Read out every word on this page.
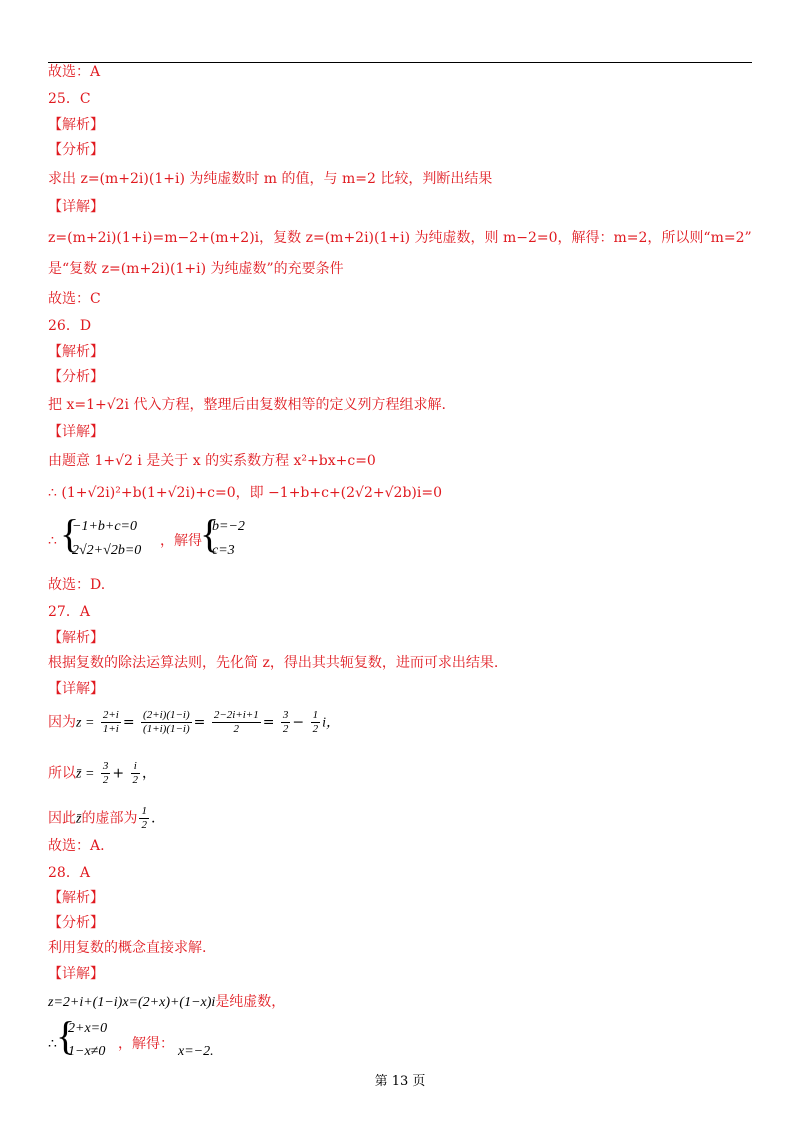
故选：A
25．C
【解析】
【分析】
求出 z=(m+2i)(1+i) 为纯虚数时 m 的值，与 m=2 比较，判断出结果
【详解】
z=(m+2i)(1+i)=m−2+(m+2)i，复数 z=(m+2i)(1+i) 为纯虚数，则 m−2=0，解得：m=2，所以则“m=2”
是“复数 z=(m+2i)(1+i) 为纯虚数”的充要条件
故选：C
26．D
【解析】
【分析】
把 x=1+√2i 代入方程，整理后由复数相等的定义列方程组求解.
【详解】
由题意 1+√2 i 是关于 x 的实系数方程 x²+bx+c=0
∴ (1+√2i)²+b(1+√2i)+c=0，即 −1+b+c+(2√2+√2b)i=0
∴ {
−1+b+c=0
2√2+√2b=0
，解得
{
b=−2
c=3
故选：D.
27．A
【解析】
根据复数的除法运算法则，先化简 z，得出其共轭复数，进而可求出结果.
【详解】
因为$z = \frac{2+i}{1+i} = \frac{(2+i)(1-i)}{(1+i)(1-i)} = \frac{2-2i+i+1}{2} = \frac{3}{2} - \frac{1}{2}$ i，
所以z̄ = $\frac{3}{2} + \frac{i}{2}$ ，
因此z̄的虚部为 $\frac{1}{2}$ .
故选：A.
28．A
【解析】
【分析】
利用复数的概念直接求解.
【详解】
z=2+i+(1−i)x=(2+x)+(1−x)i是纯虚数，
∴ {
2+x=0
1−x≠0 ，解得： x=−2.
第 13 页
